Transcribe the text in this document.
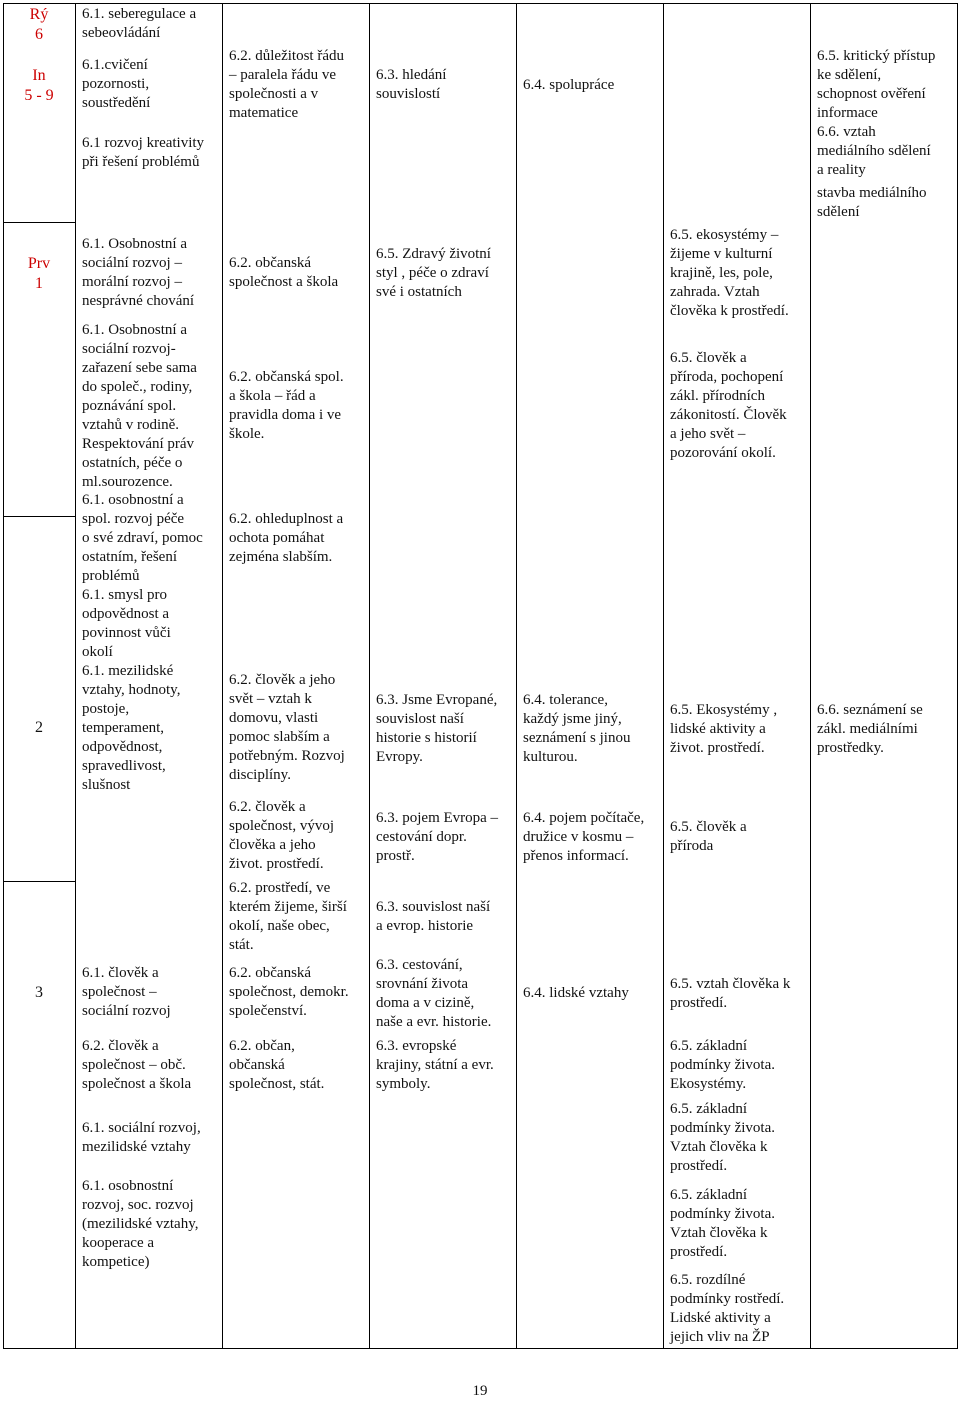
Rý
6
In
5 - 9
Prv
1
2
3
6.1. seberegulace a
sebeovládání
6.1.cvičení
pozornosti,
soustředění
6.1 rozvoj kreativity
při řešení problémů
6.1. Osobnostní a
sociální rozvoj –
morální rozvoj –
nesprávné chování
6.1. Osobnostní a
sociální rozvoj-
zařazení sebe sama
do společ., rodiny,
poznávání spol.
vztahů v rodině.
Respektování práv
ostatních, péče o
ml.sourozence.
6.1. osobnostní a
spol. rozvoj péče
o své zdraví, pomoc
ostatním, řešení
problémů
6.1. smysl pro
odpovědnost a
povinnost vůči
okolí
6.1. mezilidské
vztahy, hodnoty,
postoje,
temperament,
odpovědnost,
spravedlivost,
slušnost
6.1. člověk a
společnost –
sociální rozvoj
6.2. člověk a
společnost – obč.
společnost a škola
6.1. sociální rozvoj,
mezilidské vztahy
6.1. osobnostní
rozvoj, soc. rozvoj
(mezilidské vztahy,
kooperace a
kompetice)
6.2. důležitost řádu
– paralela řádu ve
společnosti a v
matematice
6.2. občanská
společnost a škola
6.2. občanská spol.
a škola – řád a
pravidla doma i ve
škole.
6.2. ohleduplnost a
ochota pomáhat
zejména slabším.
6.2. člověk a jeho
svět – vztah k
domovu, vlasti
pomoc slabším a
potřebným. Rozvoj
disciplíny.
6.2. člověk a
společnost, vývoj
člověka a jeho
život. prostředí.
6.2. prostředí, ve
kterém žijeme, širší
okolí, naše obec,
stát.
6.2. občanská
společnost, demokr.
společenství.
6.2. občan,
občanská
společnost, stát.
6.3. hledání
souvislostí
6.5. Zdravý životní
styl , péče o zdraví
své i ostatních
6.3. Jsme Evropané,
souvislost naší
historie s historií
Evropy.
6.3. pojem Evropa –
cestování dopr.
prostř.
6.3. souvislost naší
a evrop. historie
6.3. cestování,
srovnání života
doma a v cizině,
naše a evr. historie.
6.3. evropské
krajiny, státní a evr.
symboly.
6.4. spolupráce
6.4. tolerance,
každý jsme jiný,
seznámení s jinou
kulturou.
6.4. pojem počítače,
družice v kosmu –
přenos informací.
6.4. lidské vztahy
6.5. ekosystémy –
žijeme v kulturní
krajině, les, pole,
zahrada. Vztah
člověka k prostředí.
6.5. člověk a
příroda, pochopení
zákl. přírodních
zákonitostí. Člověk
a jeho svět –
pozorování okolí.
6.5. Ekosystémy ,
lidské aktivity a
život. prostředí.
6.5. člověk a
příroda
6.5. vztah člověka k
prostředí.
6.5. základní
podmínky života.
Ekosystémy.
6.5. základní
podmínky života.
Vztah člověka k
prostředí.
6.5. základní
podmínky života.
Vztah člověka k
prostředí.
6.5. rozdílné
podmínky rostředí.
Lidské aktivity a
jejich vliv na ŽP
6.5. kritický přístup
ke sdělení,
schopnost ověření
informace
6.6. vztah
mediálního sdělení
a reality
stavba mediálního
sdělení
6.6. seznámení se
zákl. mediálními
prostředky.
19
